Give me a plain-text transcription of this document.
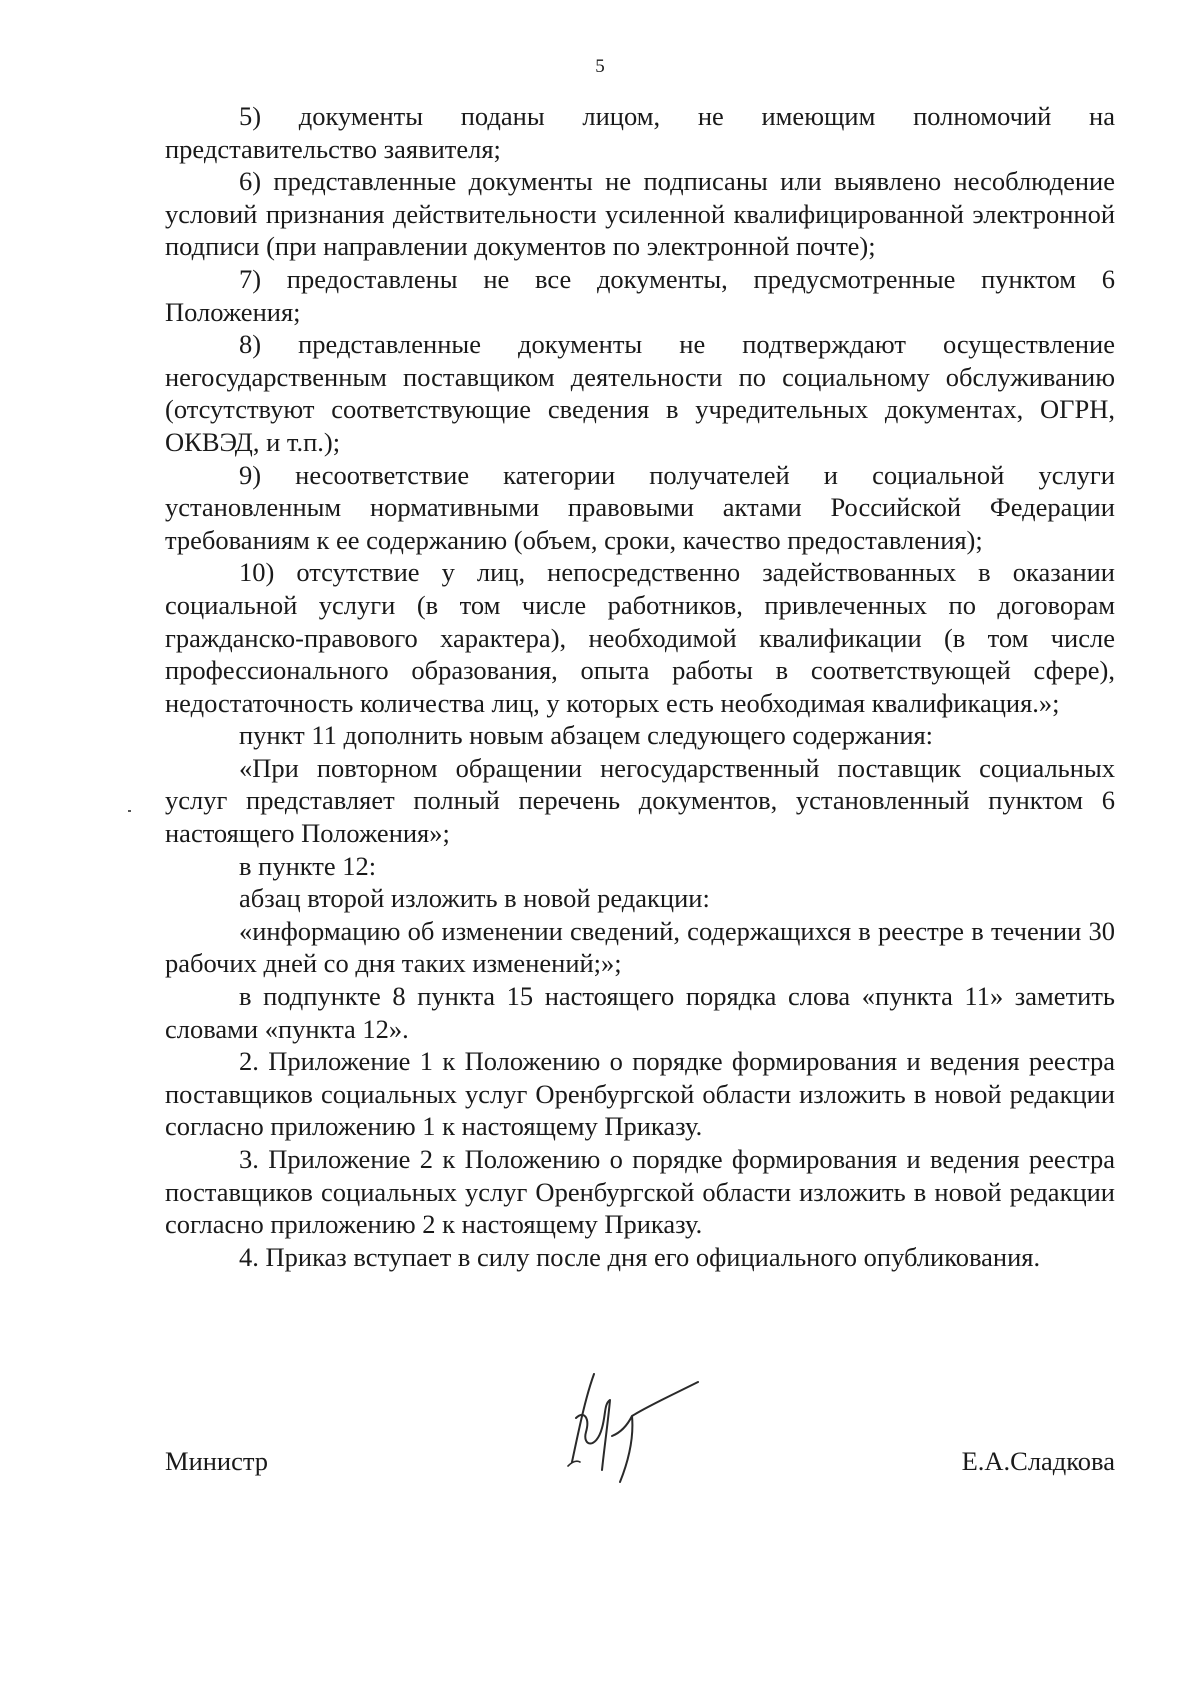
5

5) документы поданы лицом, не имеющим полномочий на представительство заявителя;

6) представленные документы не подписаны или выявлено несоблюдение условий признания действительности усиленной квалифицированной электронной подписи (при направлении документов по электронной почте);

7) предоставлены не все документы, предусмотренные пунктом 6 Положения;

8) представленные документы не подтверждают осуществление негосударственным поставщиком деятельности по социальному обслуживанию (отсутствуют соответствующие сведения в учредительных документах, ОГРН, ОКВЭД, и т.п.);

9) несоответствие категории получателей и социальной услуги установленным нормативными правовыми актами Российской Федерации требованиям к ее содержанию (объем, сроки, качество предоставления);

10) отсутствие у лиц, непосредственно задействованных в оказании социальной услуги (в том числе работников, привлеченных по договорам гражданско-правового характера), необходимой квалификации (в том числе профессионального образования, опыта работы в соответствующей сфере), недостаточность количества лиц, у которых есть необходимая квалификация.»;

пункт 11 дополнить новым абзацем следующего содержания:

«При повторном обращении негосударственный поставщик социальных услуг представляет полный перечень документов, установленный пунктом 6 настоящего Положения»;

в пункте 12:

абзац второй изложить в новой редакции:

«информацию об изменении сведений, содержащихся в реестре в течении 30 рабочих дней со дня таких изменений;»;

в подпункте 8 пункта 15 настоящего порядка слова «пункта 11» заметить словами «пункта 12».

2. Приложение 1 к Положению о порядке формирования и ведения реестра поставщиков социальных услуг Оренбургской области изложить в новой редакции согласно приложению 1 к настоящему Приказу.

3. Приложение 2 к Положению о порядке формирования и ведения реестра поставщиков социальных услуг Оренбургской области изложить в новой редакции согласно приложению 2 к настоящему Приказу.

4. Приказ вступает в силу после дня его официального опубликования.

Министр	Е.А.Сладкова
